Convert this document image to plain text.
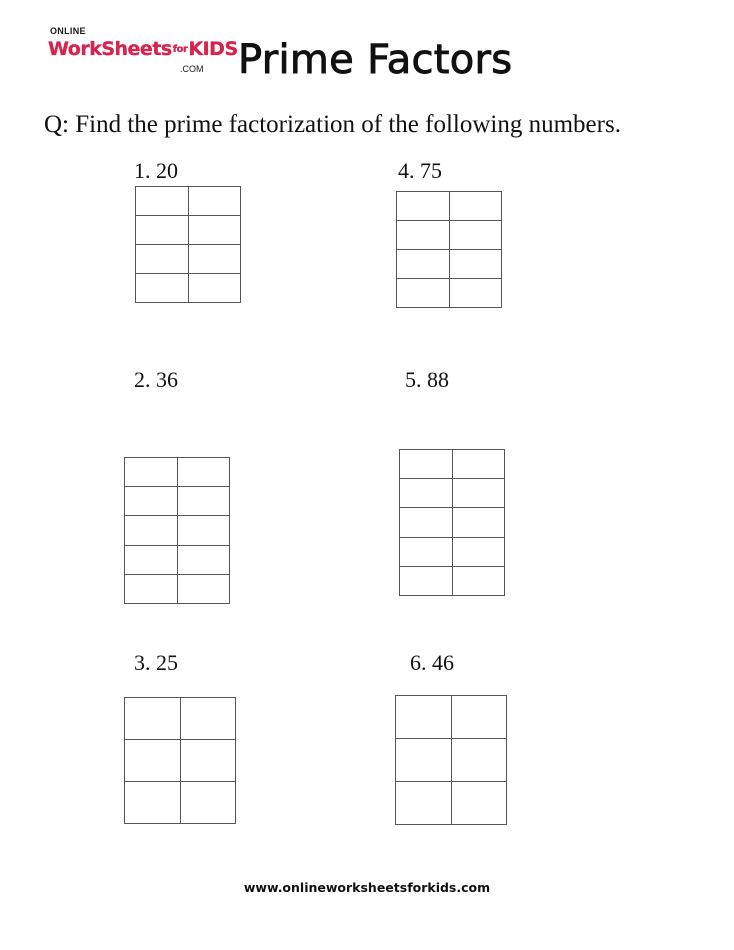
ONLINE
WorkSheetsforKIDS
.COM Prime Factors
Q: Find the prime factorization of the following numbers.
1. 20	4. 75
2. 36	5. 88
3. 25	6. 46
www.onlineworksheetsforkids.com
